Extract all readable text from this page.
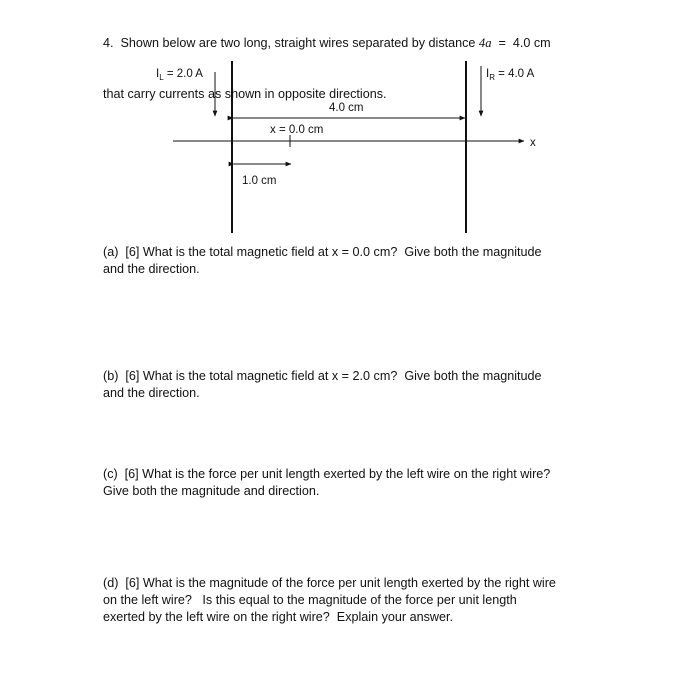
4.  Shown below are two long, straight wires separated by distance 4a  =  4.0 cm

that carry currents as shown in opposite directions.

$I_L = 2.0$ A	$I_R = 4.0$ A
4.0 cm
x = 0.0 cm
1.0 cm
x
(a)  [6] What is the total magnetic field at x = 0.0 cm?  Give both the magnitude
and the direction.
(b)  [6] What is the total magnetic field at x = 2.0 cm?  Give both the magnitude
and the direction.
(c)  [6] What is the force per unit length exerted by the left wire on the right wire?
Give both the magnitude and direction.
(d)  [6] What is the magnitude of the force per unit length exerted by the right wire
on the left wire?   Is this equal to the magnitude of the force per unit length
exerted by the left wire on the right wire?  Explain your answer.
